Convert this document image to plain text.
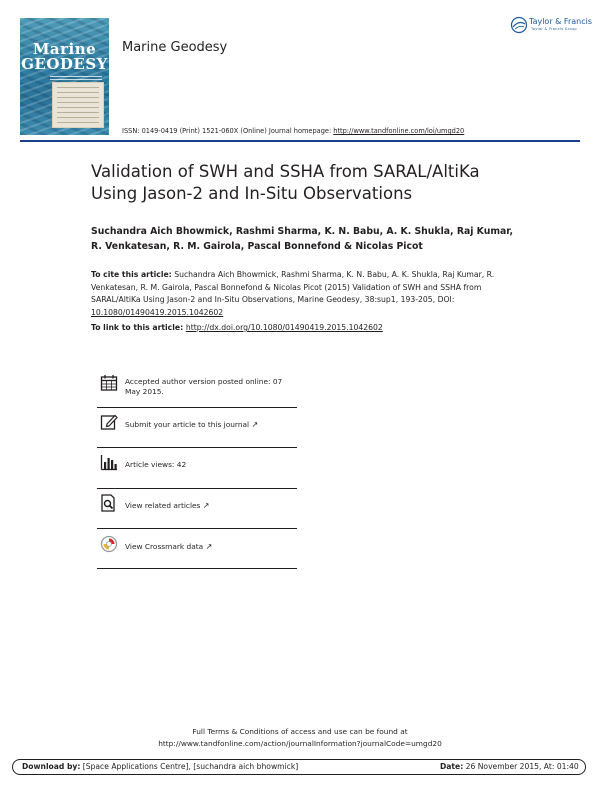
Marine
GEODESY
Marine Geodesy
ISSN: 0149-0419 (Print) 1521-060X (Online) Journal homepage: http://www.tandfonline.com/loi/umgd20
Taylor & Francis
Taylor & Francis Group
Validation of SWH and SSHA from SARAL/AltiKa Using Jason-2 and In-Situ Observations
Suchandra Aich Bhowmick, Rashmi Sharma, K. N. Babu, A. K. Shukla, Raj Kumar, R. Venkatesan, R. M. Gairola, Pascal Bonnefond & Nicolas Picot
To cite this article: Suchandra Aich Bhowmick, Rashmi Sharma, K. N. Babu, A. K. Shukla, Raj Kumar, R. Venkatesan, R. M. Gairola, Pascal Bonnefond & Nicolas Picot (2015) Validation of SWH and SSHA from SARAL/AltiKa Using Jason-2 and In-Situ Observations, Marine Geodesy, 38:sup1, 193-205, DOI: 10.1080/01490419.2015.1042602
To link to this article: http://dx.doi.org/10.1080/01490419.2015.1042602
Accepted author version posted online: 07 May 2015.
Submit your article to this journal ↗
Article views: 42
View related articles ↗
View Crossmark data ↗
Full Terms & Conditions of access and use can be found at
http://www.tandfonline.com/action/journalInformation?journalCode=umgd20
Download by: [Space Applications Centre], [suchandra aich bhowmick]	Date: 26 November 2015, At: 01:40
